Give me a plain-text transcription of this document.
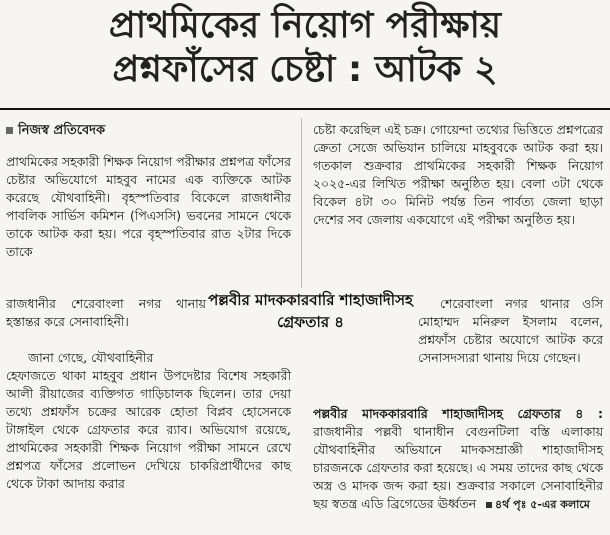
প্রাথমিকের নিয়োগ পরীক্ষায়
প্রশ্নফাঁসের চেষ্টা : আটক ২
নিজস্ব প্রতিবেদক
প্রাথমিকের সহকারী শিক্ষক নিয়োগ পরীক্ষার প্রশ্নপত্র ফাঁসের চেষ্টার অভিযোগে মাহবুব নামের এক ব্যক্তিকে আটক করেছে যৌথবাহিনী। বৃহস্পতিবার বিকেলে রাজধানীর পাবলিক সার্ভিস কমিশন (পিএসসি) ভবনের সামনে থেকে তাকে আটক করা হয়। পরে বৃহস্পতিবার রাত ২টার দিকে তাকে
রাজধানীর শেরেবাংলা নগর থানায় হস্তান্তর করে সেনাবাহিনী।
জানা গেছে, যৌথবাহিনীর
হেফাজতে থাকা মাহবুব প্রধান উপদেষ্টার বিশেষ সহকারী আলী রীয়াজের ব্যক্তিগত গাড়িচালক ছিলেন। তার দেয়া তথ্যে প্রশ্নফাঁস চক্রের আরেক হোতা বিপ্লব হোসেনকে টাঙ্গাইল থেকে গ্রেফতার করে র‌্যাব। অভিযোগ রয়েছে, প্রাথমিকের সহকারী শিক্ষক নিয়োগ পরীক্ষা সামনে রেখে প্রশ্নপত্র ফাঁসের প্রলোভন দেখিয়ে চাকরিপ্রার্থীদের কাছ থেকে টাকা আদায় করার
চেষ্টা করেছিল এই চক্র। গোয়েন্দা তথ্যের ভিত্তিতে প্রশ্নপত্রের ক্রেতা সেজে অভিযান চালিয়ে মাহবুবকে আটক করা হয়। গতকাল শুক্রবার প্রাথমিকের সহকারী শিক্ষক নিয়োগ ২০২৫-এর লিখিত পরীক্ষা অনুষ্ঠিত হয়। বেলা ৩টা থেকে বিকেল ৪টা ৩০ মিনিট পর্যন্ত তিন পার্বত্য জেলা ছাড়া দেশের সব জেলায় একযোগে এই পরীক্ষা অনুষ্ঠিত হয়।
পল্লবীর মাদককারবারি শাহাজাদীসহ গ্রেফতার ৪
শেরেবাংলা নগর থানার ওসি মোহাম্মদ মনিরুল ইসলাম বলেন, প্রশ্নফাঁস চেষ্টার অযোগে আটক করে সেনাসদস্যরা থানায় দিয়ে গেছেন।
পল্লবীর মাদককারবারি শাহাজাদীসহ গ্রেফতার ৪ : রাজধানীর পল্লবী থানাধীন বেগুনটিলা বস্তি এলাকায় যৌথবাহিনীর অভিযানে মাদকসম্রাজ্ঞী শাহাজাদীসহ চারজনকে গ্রেফতার করা হয়েছে। এ সময় তাদের কাছ থেকে অস্ত্র ও মাদক জব্দ করা হয়। শুক্রবার সকালে সেনাবাহিনীর ছয় স্বতন্ত্র এডি ব্রিগেডের ঊর্ধ্বতন ৪র্থ পৃঃ ৫-এর কলামে
